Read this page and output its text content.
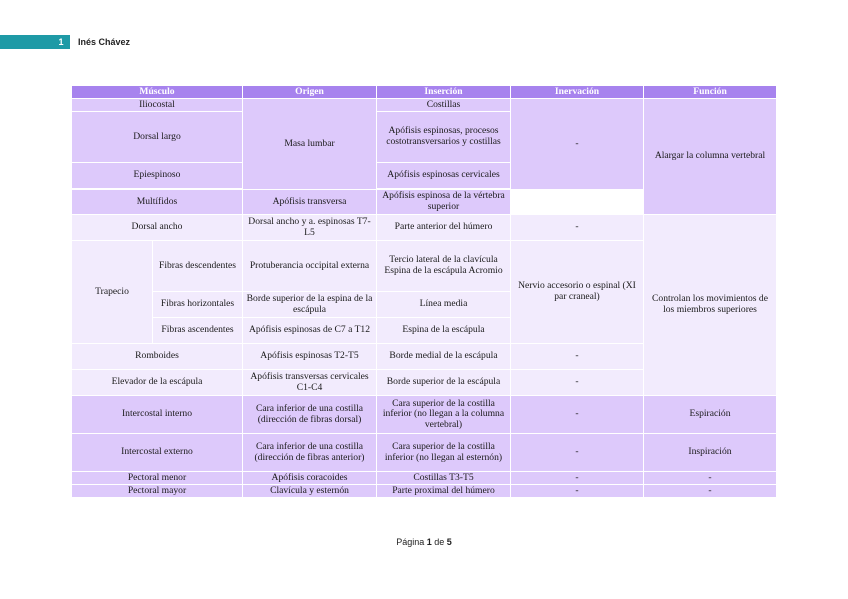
1	Inés Chávez
Músculo		Origen	Inserción	Inervación	Función
Iliocostal		Masa lumbar	Costillas	-	Alargar la columna vertebral
Dorsal largo			Apófisis espinosas, procesos costotransversarios y costillas		
Epiespinoso			Apófisis espinosas cervicales		

Multífidos		Apófisis transversa	Apófisis espinosa de la vértebra superior		
Dorsal ancho		Dorsal ancho y a. espinosas T7-L5	Parte anterior del húmero	-	Controlan los movimientos de los miembros superiores
Trapecio	Fibras descendentes	Protuberancia occipital externa	Tercio lateral de la clavícula Espina de la escápula Acromio	Nervio accesorio o espinal (XI par craneal)	
	Fibras horizontales	Borde superior de la espina de la escápula	Línea media		
	Fibras ascendentes	Apófisis espinosas de C7 a T12	Espina de la escápula		
Romboides		Apófisis espinosas T2-T5	Borde medial de la escápula	-	
Elevador de la escápula		Apófisis transversas cervicales C1-C4	Borde superior de la escápula	-	
Intercostal interno		Cara inferior de una costilla (dirección de fibras dorsal)	Cara superior de la costilla inferior (no llegan a la columna vertebral)	-	Espiración
Intercostal externo		Cara inferior de una costilla (dirección de fibras anterior)	Cara superior de la costilla inferior (no llegan al esternón)	-	Inspiración
Pectoral menor		Apófisis coracoides	Costillas T3-T5	-	-
Pectoral mayor		Clavícula y esternón	Parte proximal del húmero	-	-
Página 1 de 5
